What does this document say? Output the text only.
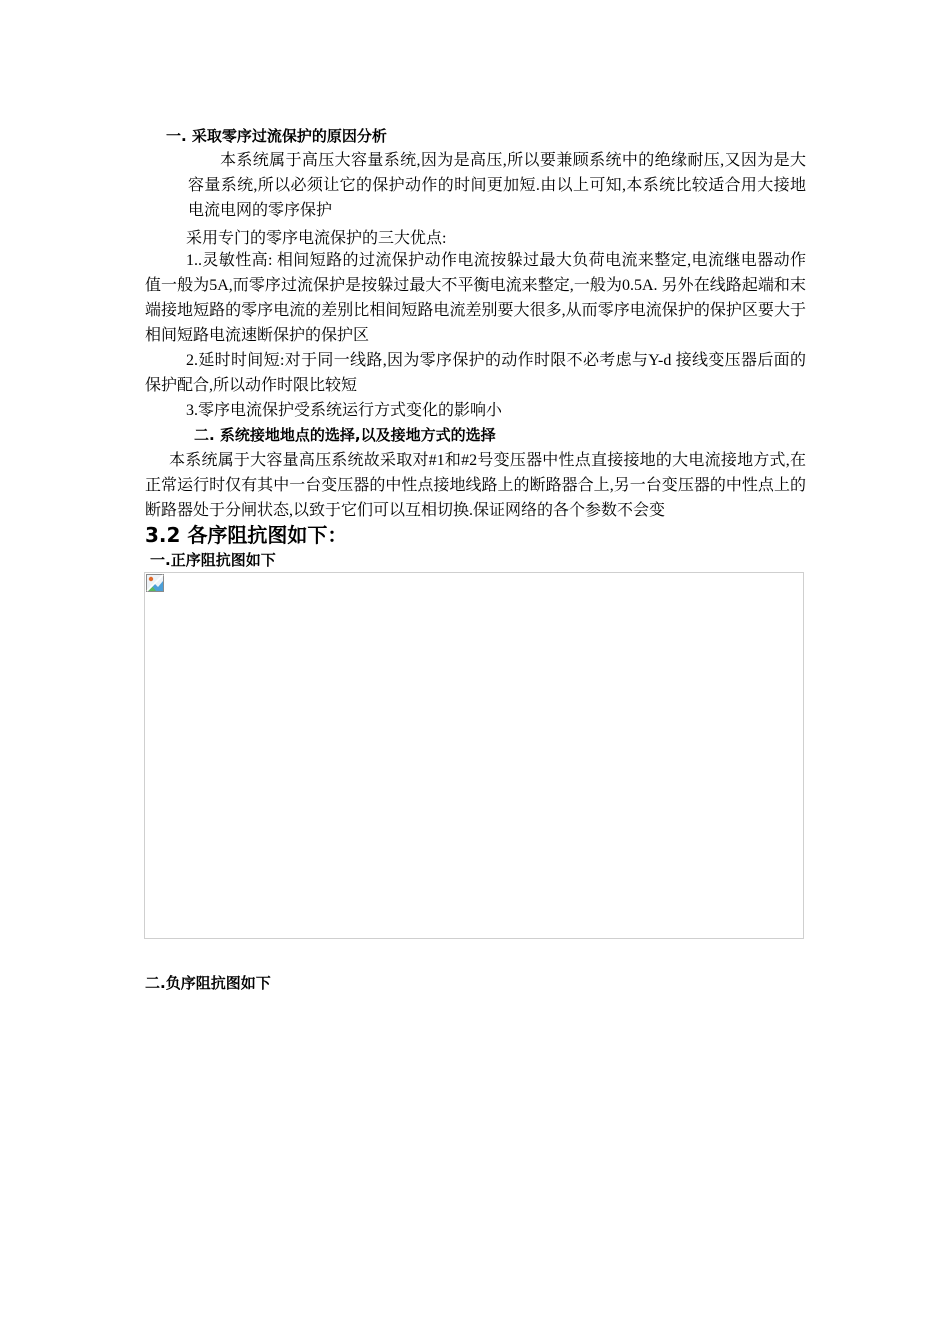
一. 采取零序过流保护的原因分析
本系统属于高压大容量系统,因为是高压,所以要兼顾系统中的绝缘耐压,又因为是大容量系统,所以必须让它的保护动作的时间更加短.由以上可知,本系统比较适合用大接地电流电网的零序保护
采用专门的零序电流保护的三大优点:
1..灵敏性高: 相间短路的过流保护动作电流按躲过最大负荷电流来整定,电流继电器动作值一般为5A,而零序过流保护是按躲过最大不平衡电流来整定,一般为0.5A. 另外在线路起端和末端接地短路的零序电流的差别比相间短路电流差别要大很多,从而零序电流保护的保护区要大于相间短路电流速断保护的保护区
2.延时时间短:对于同一线路,因为零序保护的动作时限不必考虑与Y-d 接线变压器后面的保护配合,所以动作时限比较短
3.零序电流保护受系统运行方式变化的影响小
二. 系统接地地点的选择,以及接地方式的选择
本系统属于大容量高压系统故采取对#1和#2号变压器中性点直接接地的大电流接地方式,在正常运行时仅有其中一台变压器的中性点接地线路上的断路器合上,另一台变压器的中性点上的断路器处于分闸状态,以致于它们可以互相切换.保证网络的各个参数不会变
3.2 各序阻抗图如下：
一.正序阻抗图如下
二.负序阻抗图如下
